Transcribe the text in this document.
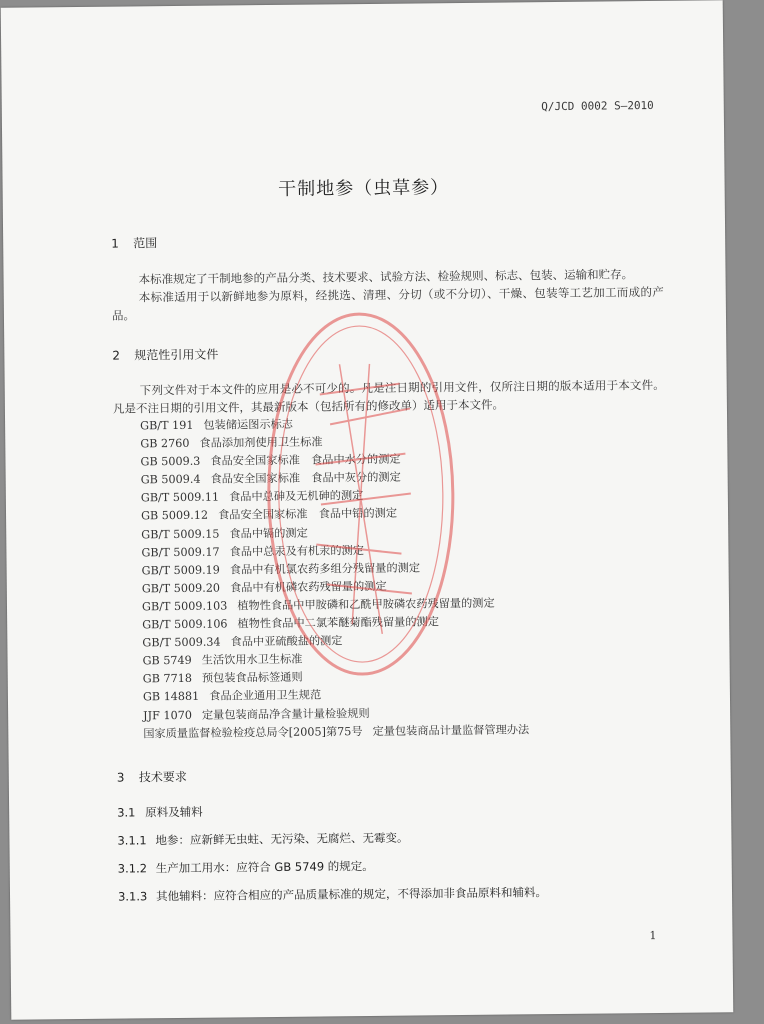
Q/JCD 0002 S—2010
干制地参（虫草参）
1 范围
本标准规定了干制地参的产品分类、技术要求、试验方法、检验规则、标志、包装、运输和贮存。
本标准适用于以新鲜地参为原料，经挑选、清理、分切（或不分切）、干燥、包装等工艺加工而成的产品。
2 规范性引用文件
下列文件对于本文件的应用是必不可少的。凡是注日期的引用文件，仅所注日期的版本适用于本文件。凡是不注日期的引用文件，其最新版本（包括所有的修改单）适用于本文件。
GB/T 191 包装储运图示标志
GB 2760 食品添加剂使用卫生标准
GB 5009.3 食品安全国家标准　食品中水分的测定
GB 5009.4 食品安全国家标准　食品中灰分的测定
GB/T 5009.11 食品中总砷及无机砷的测定
GB 5009.12 食品安全国家标准　食品中铅的测定
GB/T 5009.15 食品中镉的测定
GB/T 5009.17 食品中总汞及有机汞的测定
GB/T 5009.19 食品中有机氯农药多组分残留量的测定
GB/T 5009.20 食品中有机磷农药残留量的测定
GB/T 5009.103 植物性食品中甲胺磷和乙酰甲胺磷农药残留量的测定
GB/T 5009.106 植物性食品中二氯苯醚菊酯残留量的测定
GB/T 5009.34 食品中亚硫酸盐的测定
GB 5749 生活饮用水卫生标准
GB 7718 预包装食品标签通则
GB 14881 食品企业通用卫生规范
JJF 1070 定量包装商品净含量计量检验规则
国家质量监督检验检疫总局令[2005]第75号 定量包装商品计量监督管理办法
3 技术要求
3.1 原料及辅料
3.1.1 地参：应新鲜无虫蛀、无污染、无腐烂、无霉变。
3.1.2 生产加工用水：应符合 GB 5749 的规定。
3.1.3 其他辅料：应符合相应的产品质量标准的规定，不得添加非食品原料和辅料。
1
